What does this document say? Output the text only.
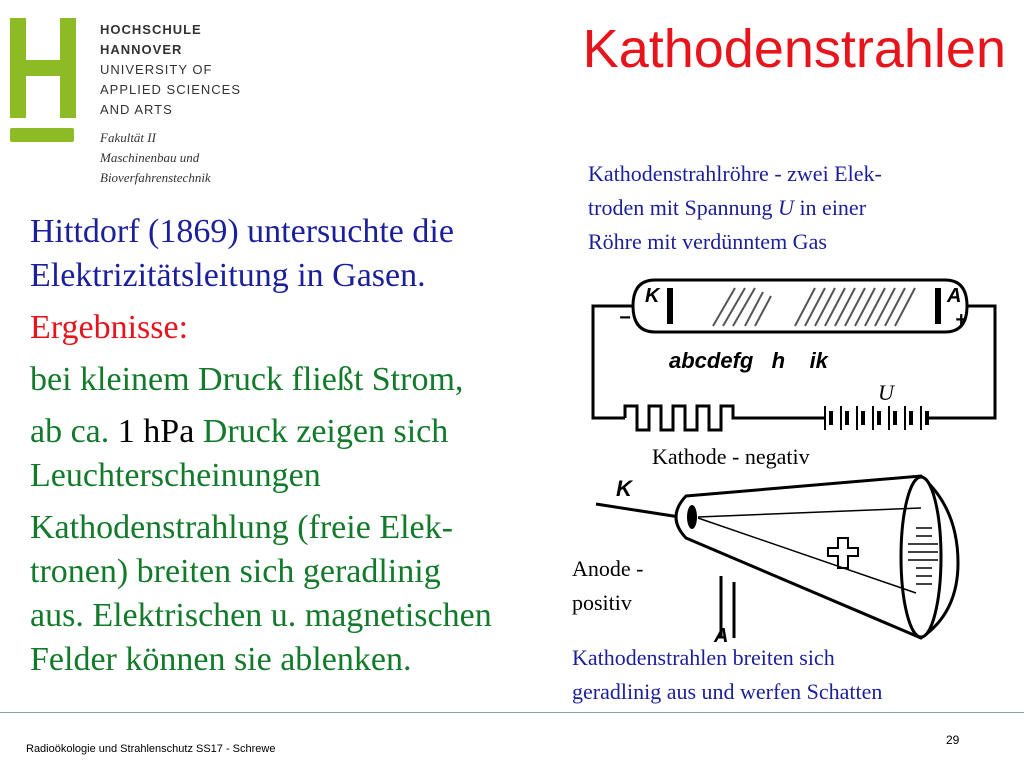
HOCHSCHULE
HANNOVER
UNIVERSITY OF
APPLIED SCIENCES
AND ARTS
Fakultät II
Maschinenbau und
Bioverfahrenstechnik
Kathodenstrahlen
Hittdorf (1869) untersuchte die
Elektrizitätsleitung in Gasen.
Ergebnisse:
bei kleinem Druck fließt Strom,
ab ca. 1 hPa Druck zeigen sich
Leuchterscheinungen
Kathodenstrahlung (freie Elek-
tronen) breiten sich geradlinig
aus. Elektrischen u. magnetischen
Felder können sie ablenken.
Kathodenstrahlröhre - zwei Elek-
troden mit Spannung U in einer
Röhre mit verdünntem Gas
K	A
−	+
abcdefg   h    ik
U
Kathode - negativ
K
A
Anode -
positiv
Kathodenstrahlen breiten sich
geradlinig aus und werfen Schatten
Radioökologie und Strahlenschutz SS17 - Schrewe
29
